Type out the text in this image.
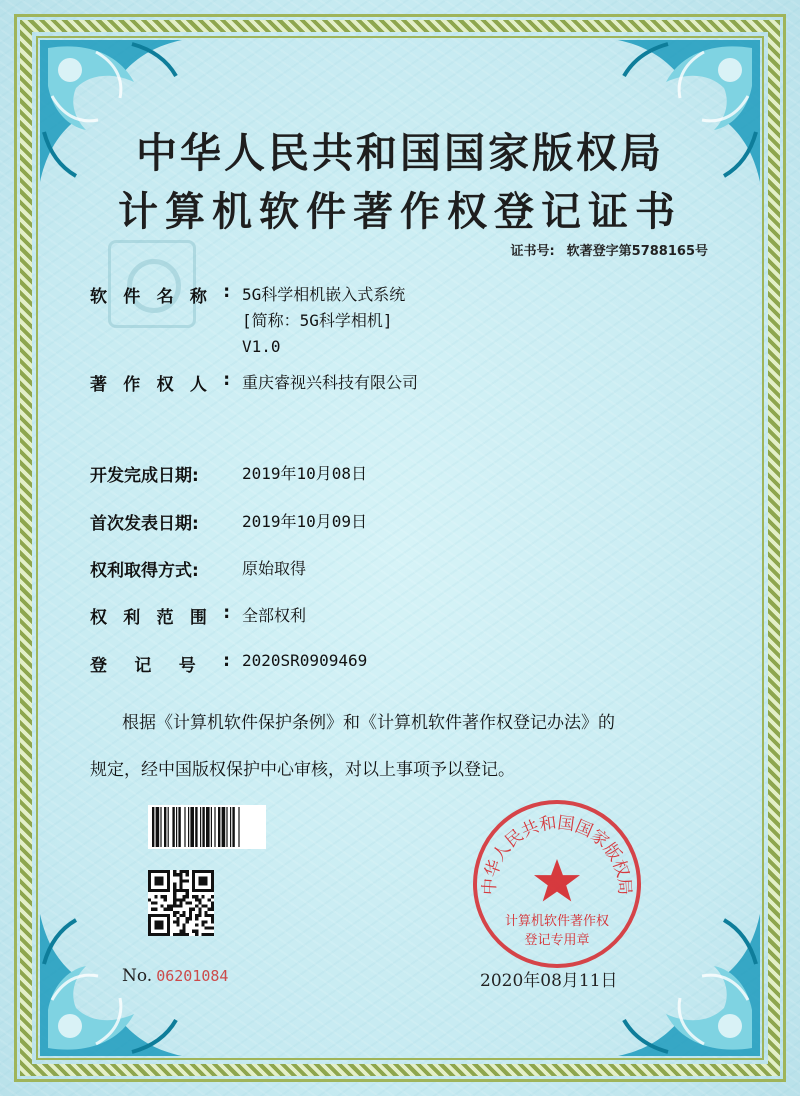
中华人民共和国国家版权局
计算机软件著作权登记证书
证书号: 软著登字第5788165号
软 件 名 称 : 5G科学相机嵌入式系统
[简称：5G科学相机]
V1.0
著 作 权 人 : 重庆睿视兴科技有限公司
开发完成日期:	2019年10月08日
首次发表日期:	2019年10月09日
权利取得方式:	原始取得
权 利 范 围 : 全部权利
登 记 号 : 2020SR0909469
根据《计算机软件保护条例》和《计算机软件著作权登记办法》的
规定，经中国版权保护中心审核，对以上事项予以登记。
No. 06201084
中华人民共和国国家版权局
计算机软件著作权
登记专用章
2020年08月11日
